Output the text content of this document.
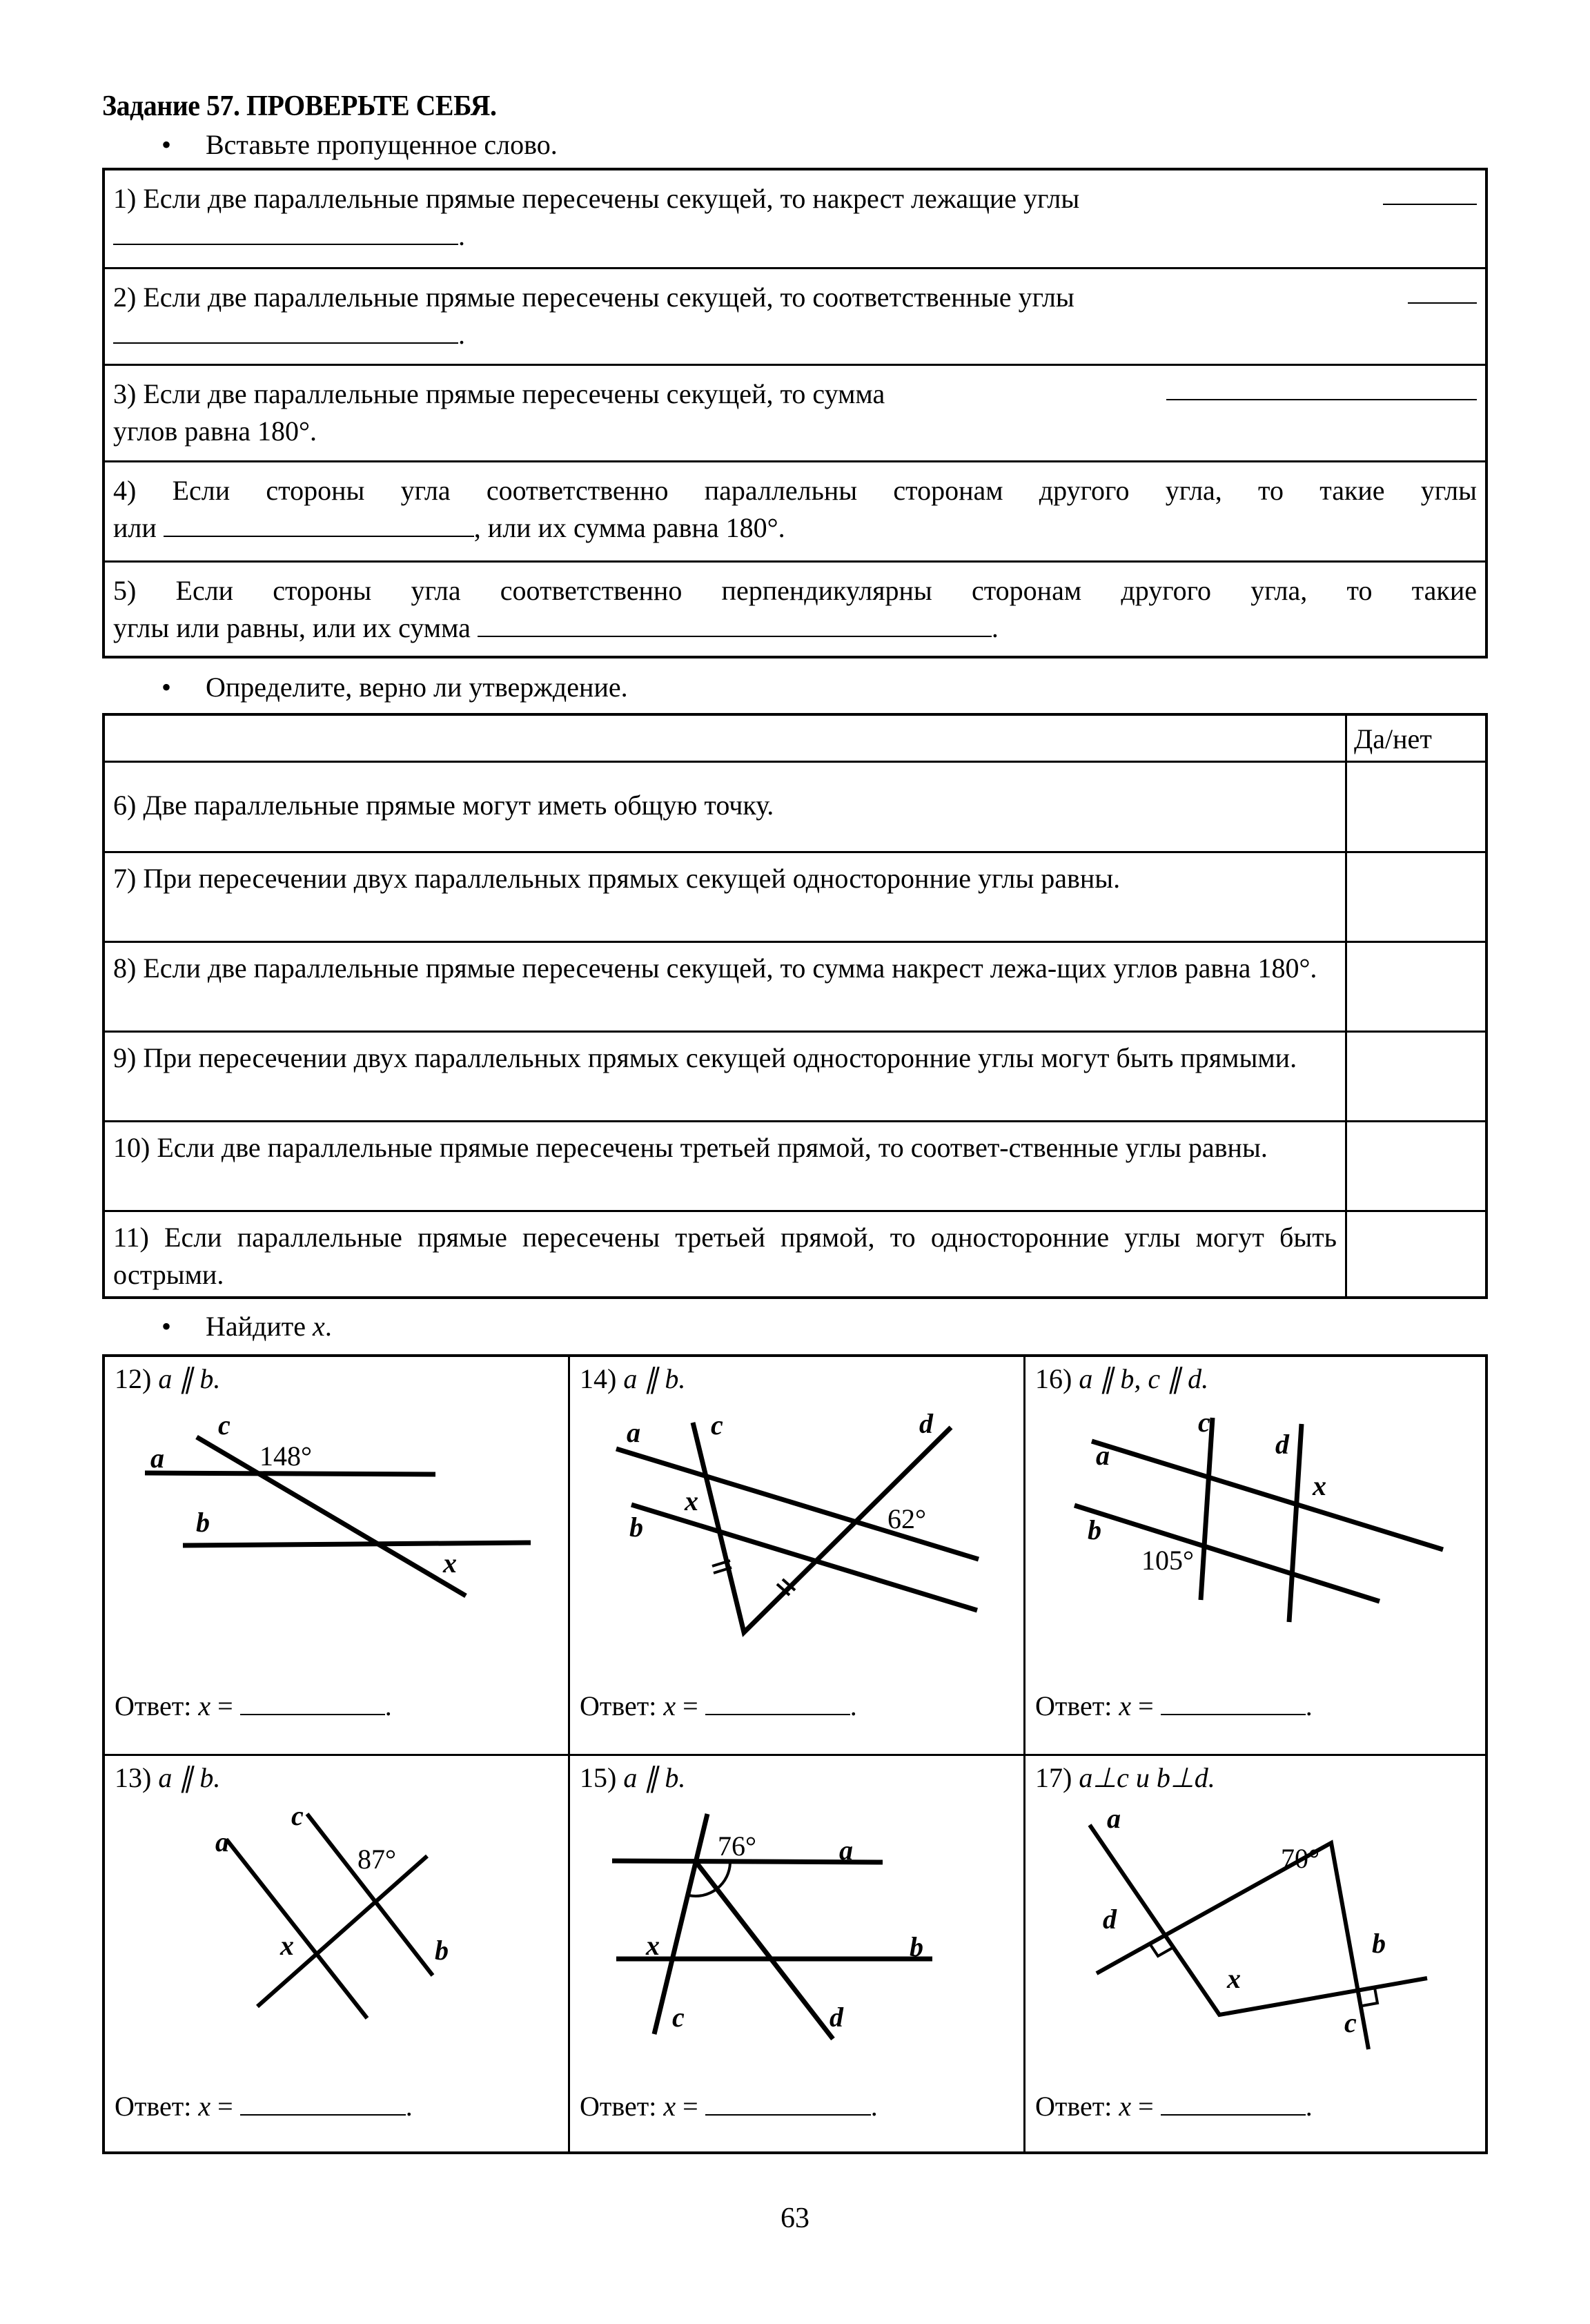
Задание 57. ПРОВЕРЬТЕ СЕБЯ.
• Вставьте пропущенное слово.
1) Если две параллельные прямые пересечены секущей, то накрест лежащие углы
.
2) Если две параллельные прямые пересечены секущей, то соответственные углы
.
3) Если две параллельные прямые пересечены секущей, то сумма
углов равна 180°.
4) Если стороны угла соответственно параллельны сторонам другого угла, то такие углы
или	, или их сумма равна 180°.
5) Если стороны угла соответственно перпендикулярны сторонам другого угла, то такие
углы или равны, или их сумма	.
• Определите, верно ли утверждение.
Да/нет
6) Две параллельные прямые могут иметь общую точку.
7) При пересечении двух параллельных прямых секущей односторонние углы равны.
8) Если две параллельные прямые пересечены секущей, то сумма накрест лежа-щих углов равна 180°.
9) При пересечении двух параллельных прямых секущей односторонние углы могут быть прямыми.
10) Если две параллельные прямые пересечены третьей прямой, то соответ-ственные углы равны.
11) Если параллельные прямые пересечены третьей прямой, то односторонние углы могут быть острыми.
• Найдите x.
12) a ∥ b.
c
a
b
148°
x
Ответ: x =	.
14) a ∥ b.
a	c	d
x
b	62°
Ответ: x =	.
16) a ∥ b, c ∥ d.
c
a	d
x
b
105°
Ответ: x =	.
13) a ∥ b.
c
a
87°
x	b
Ответ: x =	.
15) a ∥ b.
76°	a
x	b
c	d
Ответ: x =	.
17) a⊥c и b⊥d.
a
70°
d
b
x
c
Ответ: x =	.
63
